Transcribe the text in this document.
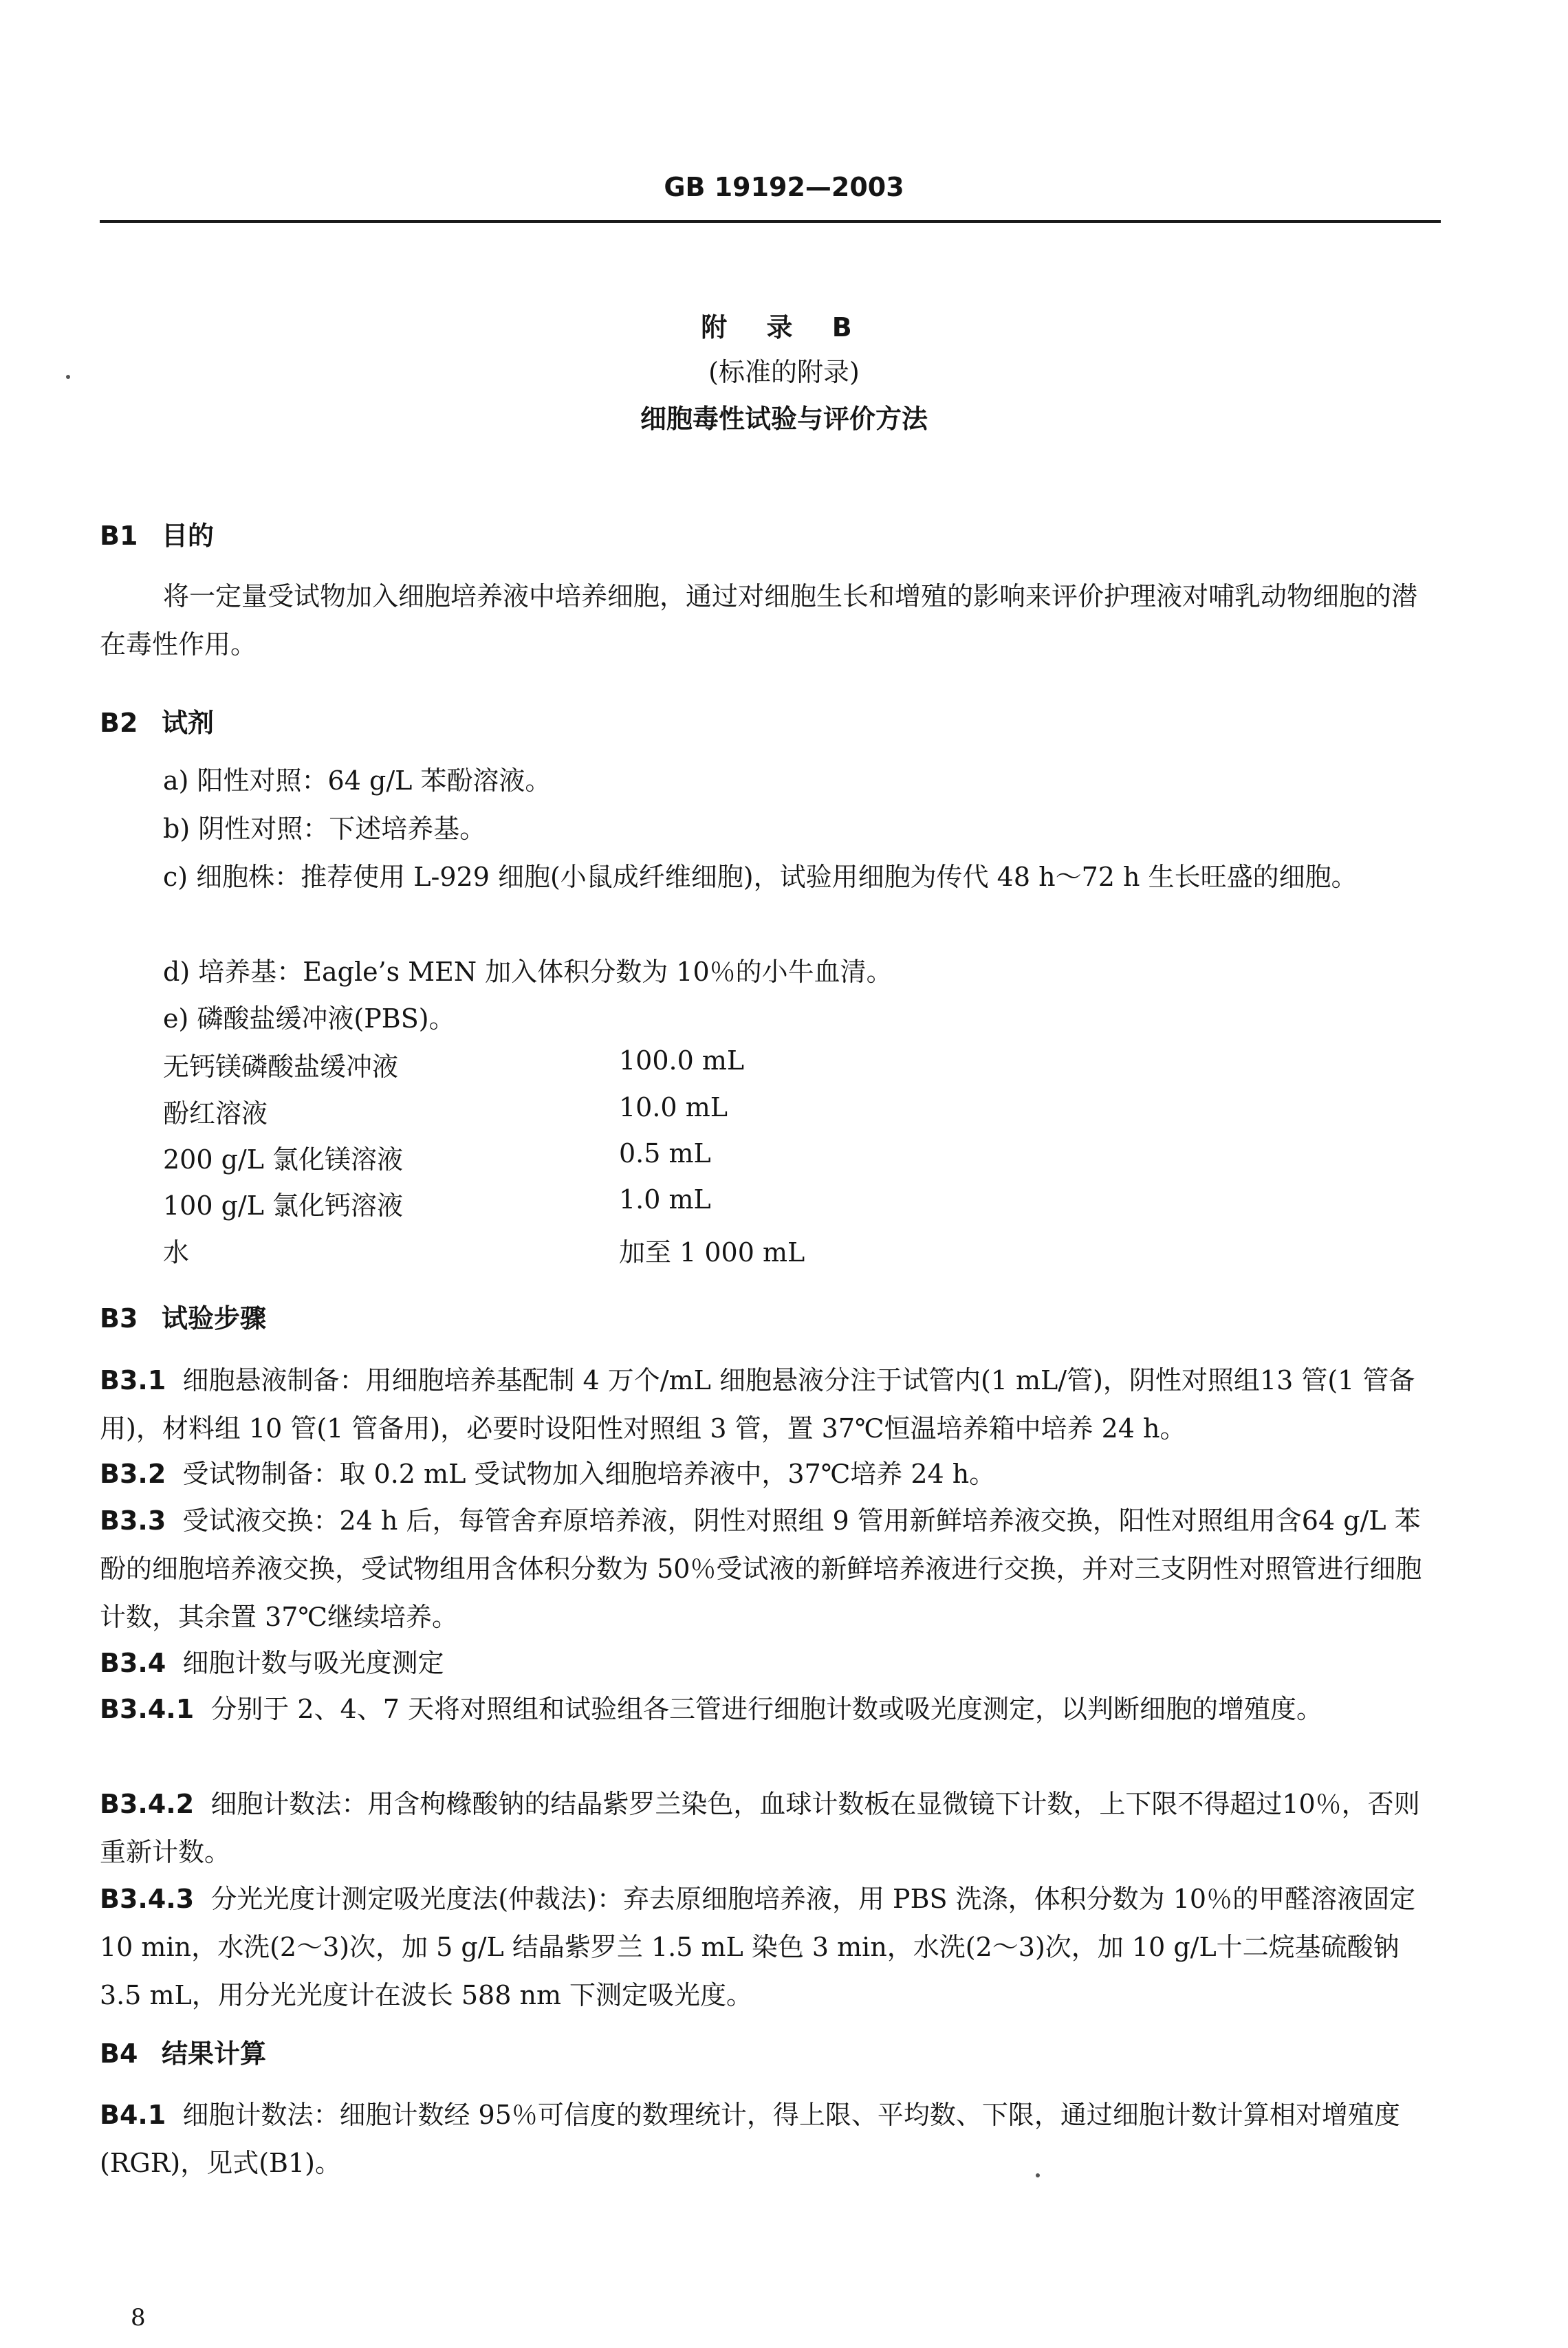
GB 19192—2003
附 录 B
(标准的附录)
细胞毒性试验与评价方法
B1 目的
将一定量受试物加入细胞培养液中培养细胞，通过对细胞生长和增殖的影响来评价护理液对哺乳动物细胞的潜在毒性作用。
B2 试剂
a) 阳性对照：64 g/L 苯酚溶液。
b) 阴性对照：下述培养基。
c) 细胞株：推荐使用 L-929 细胞(小鼠成纤维细胞)，试验用细胞为传代 48 h～72 h 生长旺盛的细胞。
d) 培养基：Eagle’s MEN 加入体积分数为 10％的小牛血清。
e) 磷酸盐缓冲液(PBS)。
无钙镁磷酸盐缓冲液	100.0 mL
酚红溶液	10.0 mL
200 g/L 氯化镁溶液	0.5 mL
100 g/L 氯化钙溶液	1.0 mL
水	加至 1 000 mL
B3 试验步骤
B3.1 细胞悬液制备：用细胞培养基配制 4 万个/mL 细胞悬液分注于试管内(1 mL/管)，阴性对照组13 管(1 管备用)，材料组 10 管(1 管备用)，必要时设阳性对照组 3 管，置 37℃恒温培养箱中培养 24 h。
B3.2 受试物制备：取 0.2 mL 受试物加入细胞培养液中，37℃培养 24 h。
B3.3 受试液交换：24 h 后，每管舍弃原培养液，阴性对照组 9 管用新鲜培养液交换，阳性对照组用含64 g/L 苯酚的细胞培养液交换，受试物组用含体积分数为 50％受试液的新鲜培养液进行交换，并对三支阴性对照管进行细胞计数，其余置 37℃继续培养。
B3.4 细胞计数与吸光度测定
B3.4.1 分别于 2、4、7 天将对照组和试验组各三管进行细胞计数或吸光度测定，以判断细胞的增殖度。
B3.4.2 细胞计数法：用含枸橼酸钠的结晶紫罗兰染色，血球计数板在显微镜下计数，上下限不得超过10％，否则重新计数。
B3.4.3 分光光度计测定吸光度法(仲裁法)：弃去原细胞培养液，用 PBS 洗涤，体积分数为 10％的甲醛溶液固定 10 min，水洗(2～3)次，加 5 g/L 结晶紫罗兰 1.5 mL 染色 3 min，水洗(2～3)次，加 10 g/L十二烷基硫酸钠 3.5 mL，用分光光度计在波长 588 nm 下测定吸光度。
B4 结果计算
B4.1 细胞计数法：细胞计数经 95％可信度的数理统计，得上限、平均数、下限，通过细胞计数计算相对增殖度(RGR)，见式(B1)。
8
